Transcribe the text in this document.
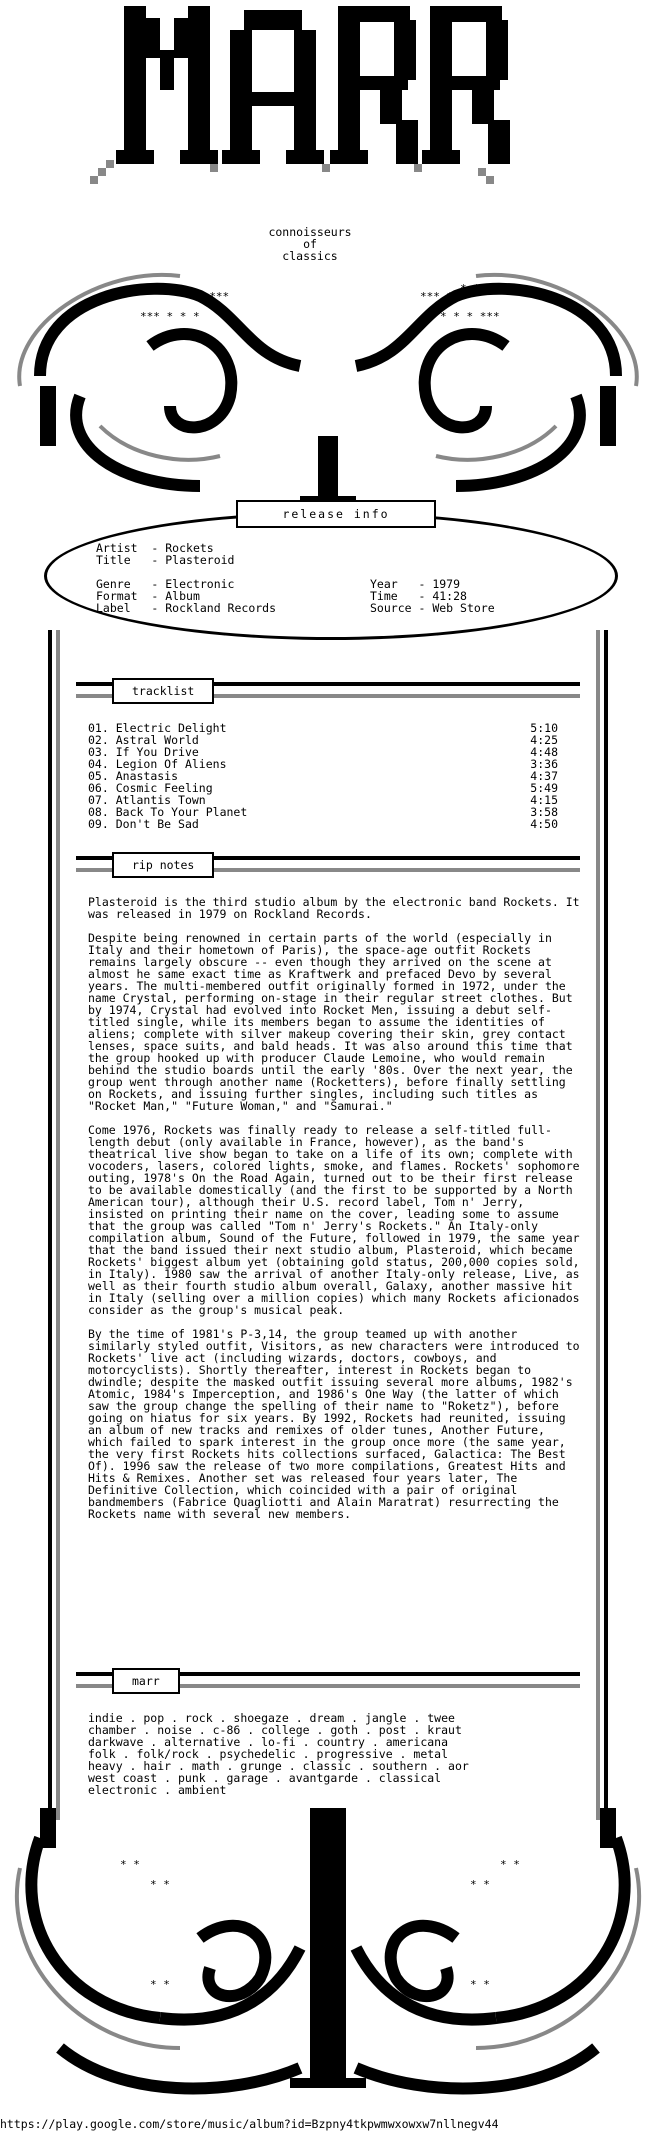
connoisseurs
of
classics
* *
* ***
*** * * *
* *
*** *
* * * ***
release info
Artist  - Rockets
Title   - Plasteroid
Genre   - Electronic
Format  - Album
Label   - Rockland Records
Year   - 1979
Time   - 41:28
Source - Web Store
tracklist
01. Electric Delight	5:10
02. Astral World	4:25
03. If You Drive	4:48
04. Legion Of Aliens	3:36
05. Anastasis	4:37
06. Cosmic Feeling	5:49
07. Atlantis Town	4:15
08. Back To Your Planet	3:58
09. Don't Be Sad	4:50
rip notes

Plasteroid is the third studio album by the electronic band Rockets. It was released in 1979 on Rockland Records.

Despite being renowned in certain parts of the world (especially in Italy and their hometown of Paris), the space-age outfit Rockets remains largely obscure -- even though they arrived on the scene at almost he same exact time as Kraftwerk and prefaced Devo by several years. The multi-membered outfit originally formed in 1972, under the name Crystal, performing on-stage in their regular street clothes. But by 1974, Crystal had evolved into Rocket Men, issuing a debut self-titled single, while its members began to assume the identities of aliens; complete with silver makeup covering their skin, grey contact lenses, space suits, and bald heads. It was also around this time that the group hooked up with producer Claude Lemoine, who would remain behind the studio boards until the early '80s. Over the next year, the group went through another name (Rocketters), before finally settling on Rockets, and issuing further singles, including such titles as "Rocket Man," "Future Woman," and "Samurai."

Come 1976, Rockets was finally ready to release a self-titled full-length debut (only available in France, however), as the band's theatrical live show began to take on a life of its own; complete with vocoders, lasers, colored lights, smoke, and flames. Rockets' sophomore outing, 1978's On the Road Again, turned out to be their first release to be available domestically (and the first to be supported by a North American tour), although their U.S. record label, Tom n' Jerry, insisted on printing their name on the cover, leading some to assume that the group was called "Tom n' Jerry's Rockets." An Italy-only compilation album, Sound of the Future, followed in 1979, the same year that the band issued their next studio album, Plasteroid, which became Rockets' biggest album yet (obtaining gold status, 200,000 copies sold, in Italy). 1980 saw the arrival of another Italy-only release, Live, as well as their fourth studio album overall, Galaxy, another massive hit in Italy (selling over a million copies) which many Rockets aficionados consider as the group's musical peak.

By the time of 1981's P-3,14, the group teamed up with another similarly styled outfit, Visitors, as new characters were introduced to Rockets' live act (including wizards, doctors, cowboys, and motorcyclists). Shortly thereafter, interest in Rockets began to dwindle; despite the masked outfit issuing several more albums, 1982's Atomic, 1984's Imperception, and 1986's One Way (the latter of which saw the group change the spelling of their name to "Roketz"), before going on hiatus for six years. By 1992, Rockets had reunited, issuing an album of new tracks and remixes of older tunes, Another Future, which failed to spark interest in the group once more (the same year, the very first Rockets hits collections surfaced, Galactica: The Best Of). 1996 saw the release of two more compilations, Greatest Hits and Hits & Remixes. Another set was released four years later, The Definitive Collection, which coincided with a pair of original bandmembers (Fabrice Quagliotti and Alain Maratrat) resurrecting the Rockets name with several new members.

marr

indie . pop . rock . shoegaze . dream . jangle . twee

chamber . noise . c-86 . college . goth . post . kraut

darkwave . alternative . lo-fi . country . americana

folk . folk/rock . psychedelic . progressive . metal

heavy . hair . math . grunge . classic . southern . aor

west coast . punk . garage . avantgarde . classical

electronic . ambient

* *
* *
* *
* *
* *	* *
https://play.google.com/store/music/album?id=Bzpny4tkpwmwxowxw7nllnegv44
